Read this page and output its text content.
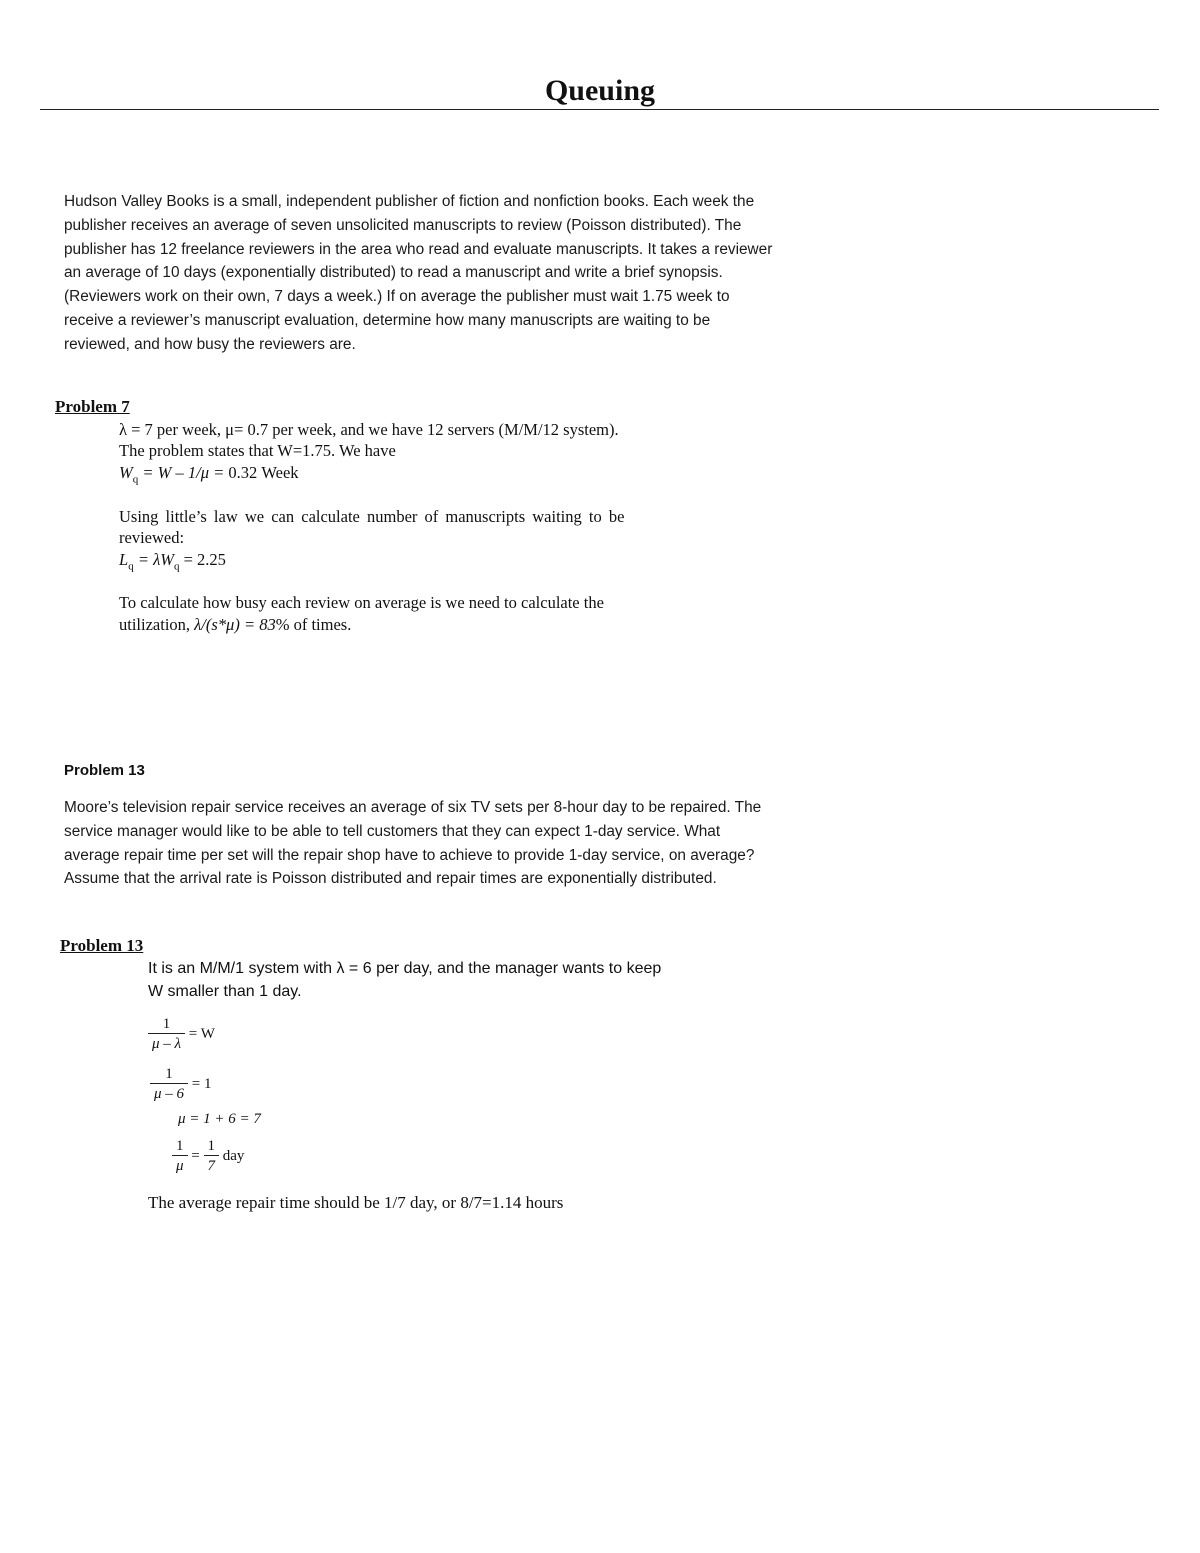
Queuing

Hudson Valley Books is a small, independent publisher of fiction and nonfiction books. Each week the

publisher receives an average of seven unsolicited manuscripts to review (Poisson distributed). The

publisher has 12 freelance reviewers in the area who read and evaluate manuscripts. It takes a reviewer

an average of 10 days (exponentially distributed) to read a manuscript and write a brief synopsis.

(Reviewers work on their own, 7 days a week.) If on average the publisher must wait 1.75 week to

receive a reviewer’s manuscript evaluation, determine how many manuscripts are waiting to be

reviewed, and how busy the reviewers are.

Problem 7
λ = 7 per week, μ= 0.7 per week, and we have 12 servers (M/M/12 system).
The problem states that W=1.75. We have
$W_q = W - 1/\mu = 0.32$ Week
Using little’s law we can calculate number of manuscripts waiting to be
reviewed:
$L_q = \lambda W_q = 2.25$
To calculate how busy each review on average is we need to calculate the
utilization, λ/(s*μ) = 83% of times.
Problem 13

Moore’s television repair service receives an average of six TV sets per 8-hour day to be repaired. The

service manager would like to be able to tell customers that they can expect 1-day service. What

average repair time per set will the repair shop have to achieve to provide 1-day service, on average?

Assume that the arrival rate is Poisson distributed and repair times are exponentially distributed.

Problem 13
It is an M/M/1 system with λ = 6 per day, and the manager wants to keep
W smaller than 1 day.
$\frac{1}{\mu - \lambda} = W$
$\frac{1}{\mu - 6} = 1$
μ = 1 + 6 = 7
$\frac{1}{\mu} = \frac{1}{7}$ day
The average repair time should be 1/7 day, or 8/7=1.14 hours
